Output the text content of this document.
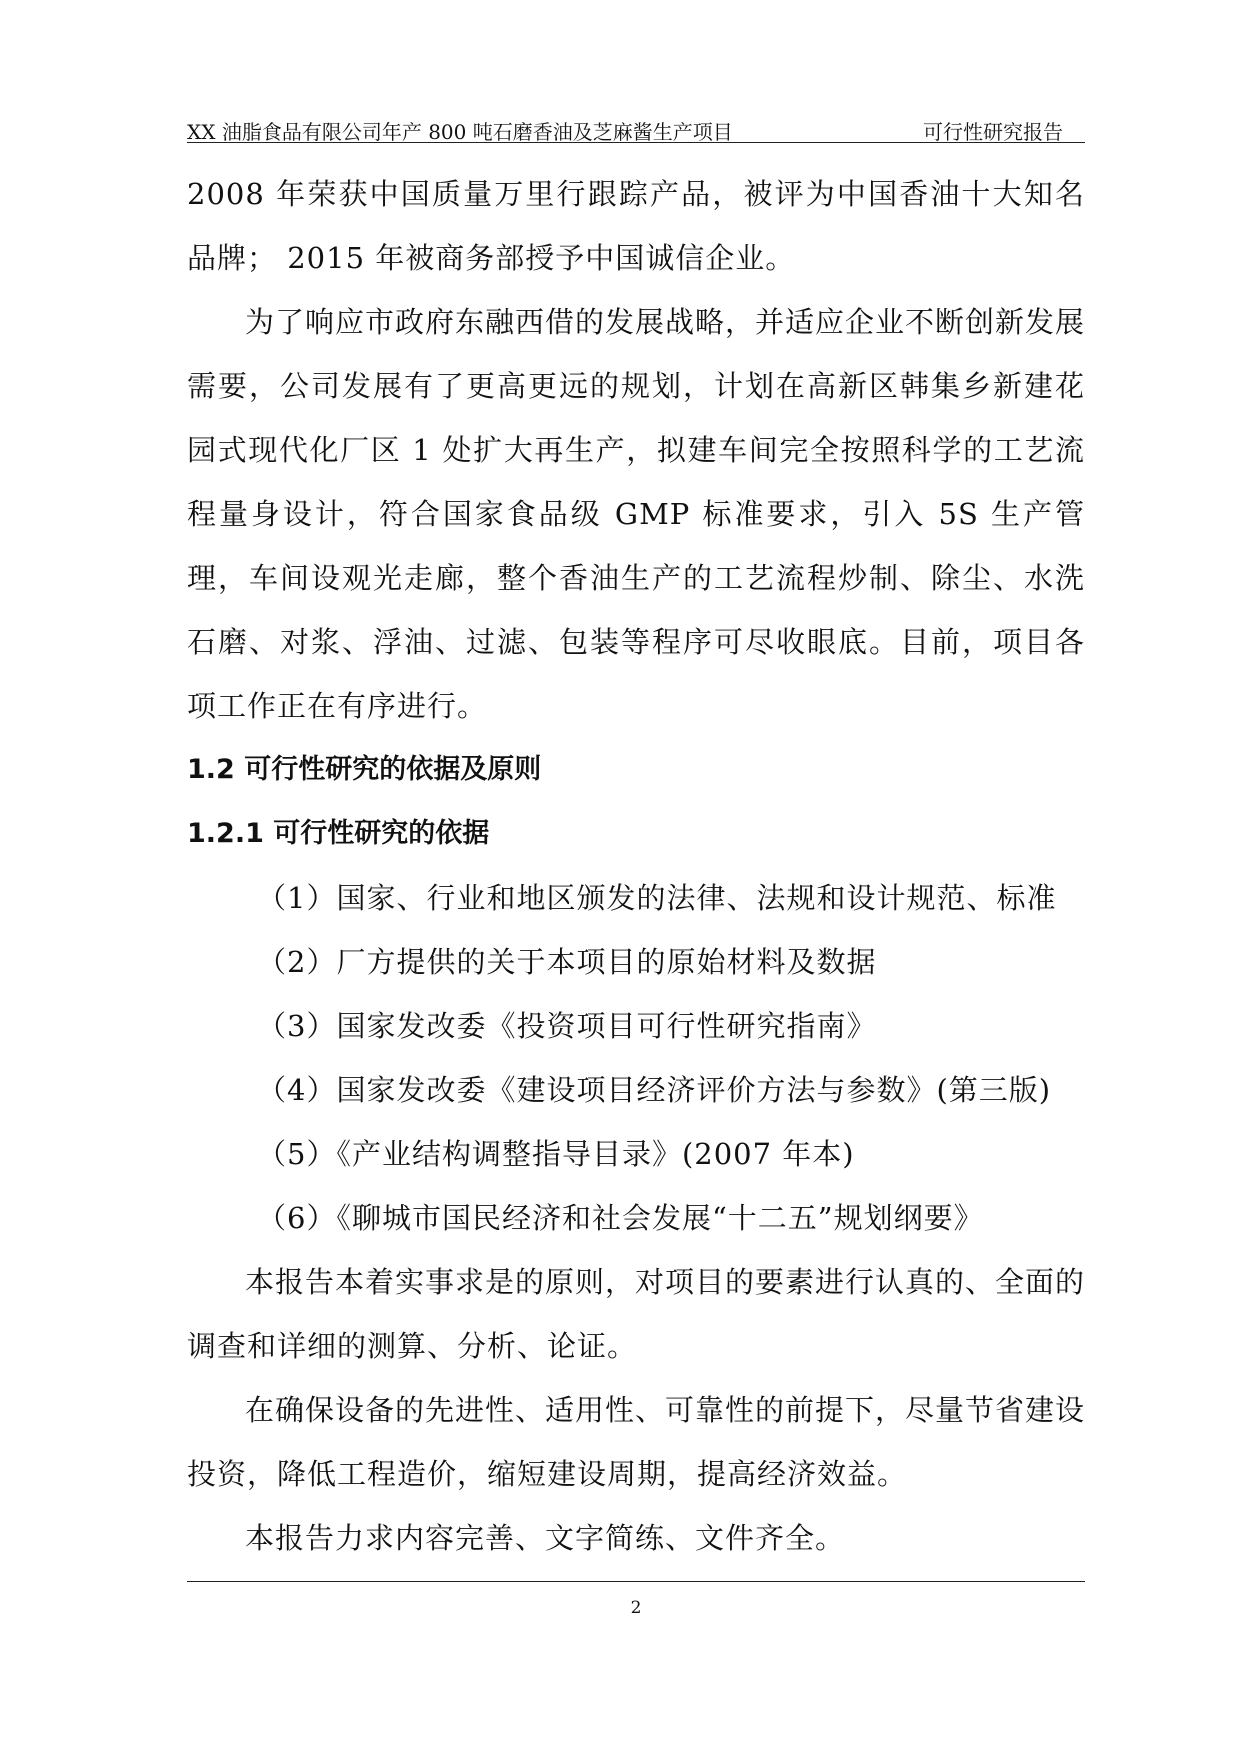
XX 油脂食品有限公司年产 800 吨石磨香油及芝麻酱生产项目	可行性研究报告

2008 年荣获中国质量万里行跟踪产品，被评为中国香油十大知名品牌； 2015 年被商务部授予中国诚信企业。

为了响应市政府东融西借的发展战略，并适应企业不断创新发展需要，公司发展有了更高更远的规划，计划在高新区韩集乡新建花园式现代化厂区 1 处扩大再生产，拟建车间完全按照科学的工艺流程量身设计，符合国家食品级 GMP 标准要求，引入 5S 生产管理，车间设观光走廊，整个香油生产的工艺流程炒制、除尘、水洗石磨、对浆、浮油、过滤、包装等程序可尽收眼底。目前，项目各项工作正在有序进行。

1.2 可行性研究的依据及原则

1.2.1 可行性研究的依据

（1）国家、行业和地区颁发的法律、法规和设计规范、标准

（2）厂方提供的关于本项目的原始材料及数据

（3）国家发改委《投资项目可行性研究指南》

（4）国家发改委《建设项目经济评价方法与参数》(第三版)

（5）《产业结构调整指导目录》(2007 年本)

（6）《聊城市国民经济和社会发展“十二五”规划纲要》

本报告本着实事求是的原则，对项目的要素进行认真的、全面的调查和详细的测算、分析、论证。

在确保设备的先进性、适用性、可靠性的前提下，尽量节省建设投资，降低工程造价，缩短建设周期，提高经济效益。

本报告力求内容完善、文字简练、文件齐全。

2
